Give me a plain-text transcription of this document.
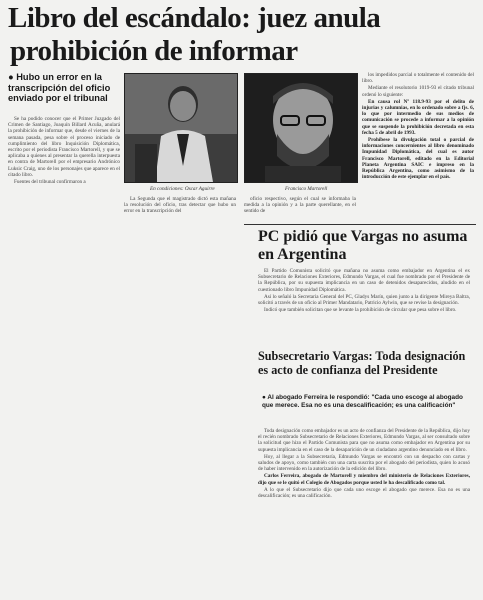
Libro del escándalo: juez anula
prohibición de informar
● Hubo un error en la transcripción del oficio enviado por el tribunal

Se ha podido conocer que el Primer Juzgado del Crimen de Santiago, Joaquín Billard Acuña, anulará la prohibición de informar que, desde el viernes de la semana pasada, pesa sobre el proceso iniciado de cumplimiento del libro Inquisición Diplomática, escrito por el periodista Francisco Martorell, y que se aplicaba a quienes al presentar la querella interpuesta en contra de Martorell por el empresario Andrónico Luksic Craig, uno de los personajes que aparece en el citado libro.

Fuentes del tribunal confirmaron a

En condiciones: Oscar Aguirre	Francisco Martorell

La Segunda que el magistrado dictó esta mañana la resolución del oficio, tras detectar que hubo un error en la transcripción del

oficio respectivo, según el cual se informaba la medida a la opinión y a la parte querellante, en el sentido de

los impedidos parcial o totalmente el contenido del libro.

Mediante el resolutorio 1019-93 el citado tribunal ordenó lo siguiente:

En causa rol Nº 118.9-93 por el delito de injurias y calumnias, en lo ordenado sobre a fjs. 6, lo que por intermedio de sus medios de comunicación se procede a informar a la opinión que se suspende la prohibición decretada en esta fecha 5 de abril de 1993.

Prohíbese la divulgación total o parcial de informaciones concernientes al libro denominado Impunidad Diplomática, del cual es autor Francisco Martorell, editado en la Editorial Planeta Argentina SAIC e impreso en la República Argentina, como asimismo de la introducción de este ejemplar en el país.

PC pidió que Vargas no asuma en Argentina

El Partido Comunista solicitó que mañana no asuma como embajador en Argentina el ex Subsecretario de Relaciones Exteriores, Edmundo Vargas, el cual fue nombrado por el Presidente de la República, por su supuesta implicancia en un caso de detenidos desaparecidos, aludido en el cuestionado libro Impunidad Diplomática.

Así lo señaló la Secretaria General del PC, Gladys Marín, quien junto a la dirigente Mireya Baltra, solicitó a través de un oficio al Primer Mandatario, Patricio Aylwin, que se revise la designación.

Indicó que también solicitan que se levante la prohibición de circular que pesa sobre el libro.

Subsecretario Vargas: Toda designación es acto de confianza del Presidente
● Al abogado Ferreira le respondió: "Cada uno escoge al abogado que merece. Esa no es una descalificación; es una calificación"

Toda designación como embajador es un acto de confianza del Presidente de la República, dijo hoy el recién nombrado Subsecretario de Relaciones Exteriores, Edmundo Vargas, al ser consultado sobre la solicitud que hizo el Partido Comunista para que no asuma como embajador en Argentina por su supuesta implicancia en el caso de la desaparición de un ciudadano argentino denunciado en el libro.

Hoy, al llegar a la Subsecretaría, Edmundo Vargas se encontró con un despacho con cartas y saludos de apoyo, como también con una carta suscrita por el abogado del periodista, quien lo acusó de haber intervenido en la autorización de la edición del libro.

Carlos Ferreira, abogado de Martorell y miembro del ministerio de Relaciones Exteriores, dijo que se le quitó el Colegio de Abogados porque usted le ha descalificado como tal.

A lo que el Subsecretario dijo que cada uno escoge el abogado que merece. Esa no es una descalificación; es una calificación.
